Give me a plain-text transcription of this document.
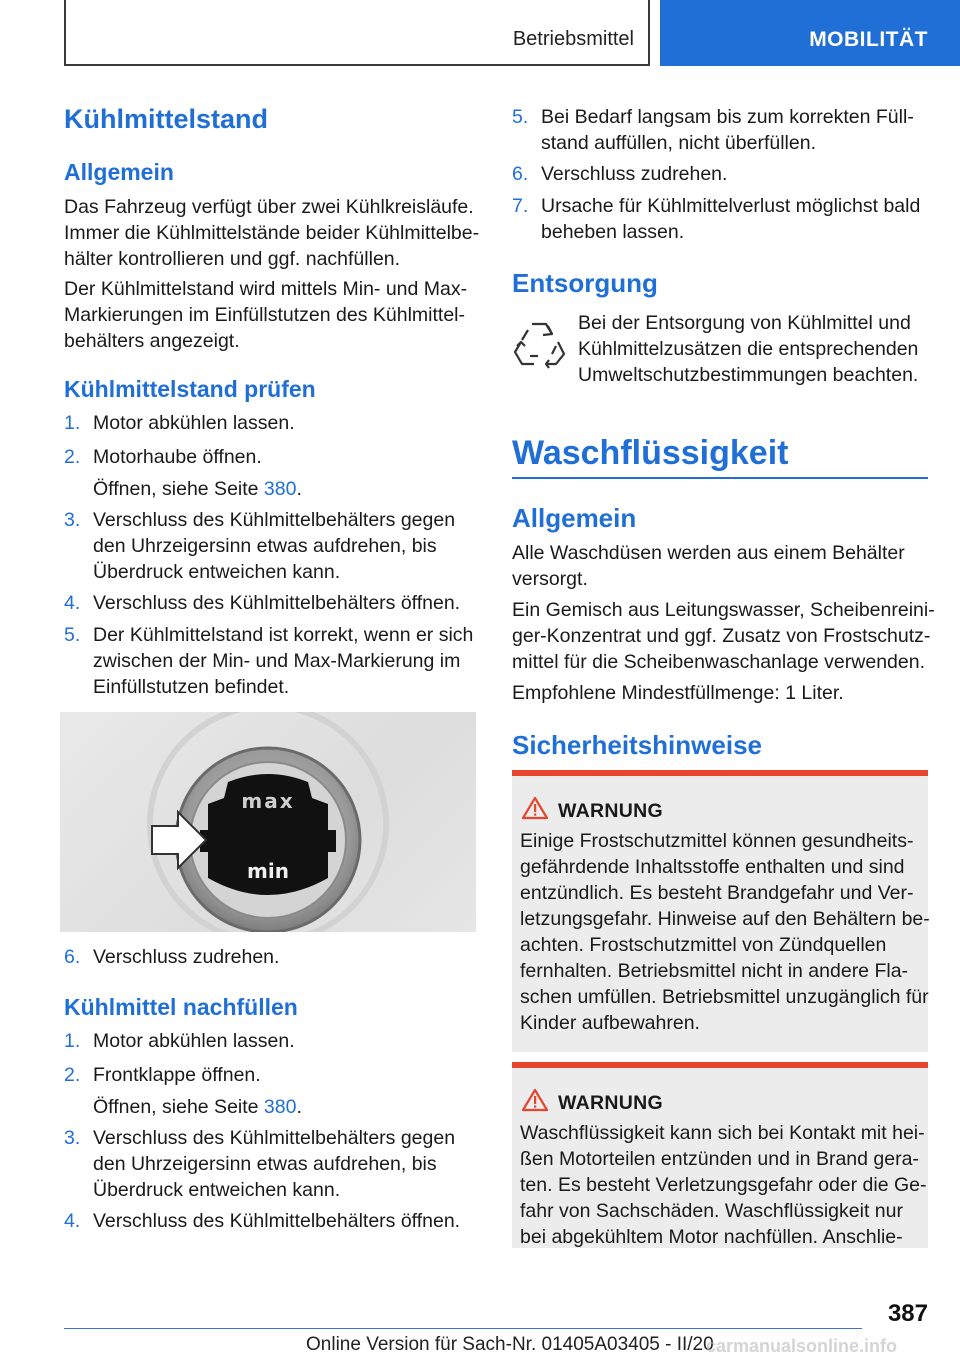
Betriebsmittel	MOBILITÄT
Kühlmittelstand
Allgemein

Das Fahrzeug verfügt über zwei Kühlkreisläufe.
Immer die Kühlmittelstände beider Kühlmittelbe-
hälter kontrollieren und ggf. nachfüllen.

Der Kühlmittelstand wird mittels Min- und Max-
Markierungen im Einfüllstutzen des Kühlmittel-
behälters angezeigt.

Kühlmittelstand prüfen
1. Motor abkühlen lassen.
2. Motorhaube öffnen.
Öffnen, siehe Seite 380.
3. Verschluss des Kühlmittelbehälters gegen
den Uhrzeigersinn etwas aufdrehen, bis
Überdruck entweichen kann.
4. Verschluss des Kühlmittelbehälters öffnen.
5. Der Kühlmittelstand ist korrekt, wenn er sich
zwischen der Min- und Max-Markierung im
Einfüllstutzen befindet.
max
min
6. Verschluss zudrehen.
Kühlmittel nachfüllen
1. Motor abkühlen lassen.
2. Frontklappe öffnen.
Öffnen, siehe Seite 380.
3. Verschluss des Kühlmittelbehälters gegen
den Uhrzeigersinn etwas aufdrehen, bis
Überdruck entweichen kann.
4. Verschluss des Kühlmittelbehälters öffnen.
5. Bei Bedarf langsam bis zum korrekten Füll-
stand auffüllen, nicht überfüllen.
6. Verschluss zudrehen.
7. Ursache für Kühlmittelverlust möglichst bald
beheben lassen.
Entsorgung

Bei der Entsorgung von Kühlmittel und
Kühlmittelzusätzen die entsprechenden
Umweltschutzbestimmungen beachten.

Waschflüssigkeit
Allgemein

Alle Waschdüsen werden aus einem Behälter
versorgt.

Ein Gemisch aus Leitungswasser, Scheibenreini-
ger-Konzentrat und ggf. Zusatz von Frostschutz-
mittel für die Scheibenwaschanlage verwenden.

Empfohlene Mindestfüllmenge: 1 Liter.

Sicherheitshinweise
WARNUNG
Einige Frostschutzmittel können gesundheits-
gefährdende Inhaltsstoffe enthalten und sind
entzündlich. Es besteht Brandgefahr und Ver-
letzungsgefahr. Hinweise auf den Behältern be-
achten. Frostschutzmittel von Zündquellen
fernhalten. Betriebsmittel nicht in andere Fla-
schen umfüllen. Betriebsmittel unzugänglich für
Kinder aufbewahren.
WARNUNG
Waschflüssigkeit kann sich bei Kontakt mit hei-
ßen Motorteilen entzünden und in Brand gera-
ten. Es besteht Verletzungsgefahr oder die Ge-
fahr von Sachschäden. Waschflüssigkeit nur
bei abgekühltem Motor nachfüllen. Anschlie-
387
Online Version für Sach-Nr. 01405A03405 - II/20
carmanualsonline.info
